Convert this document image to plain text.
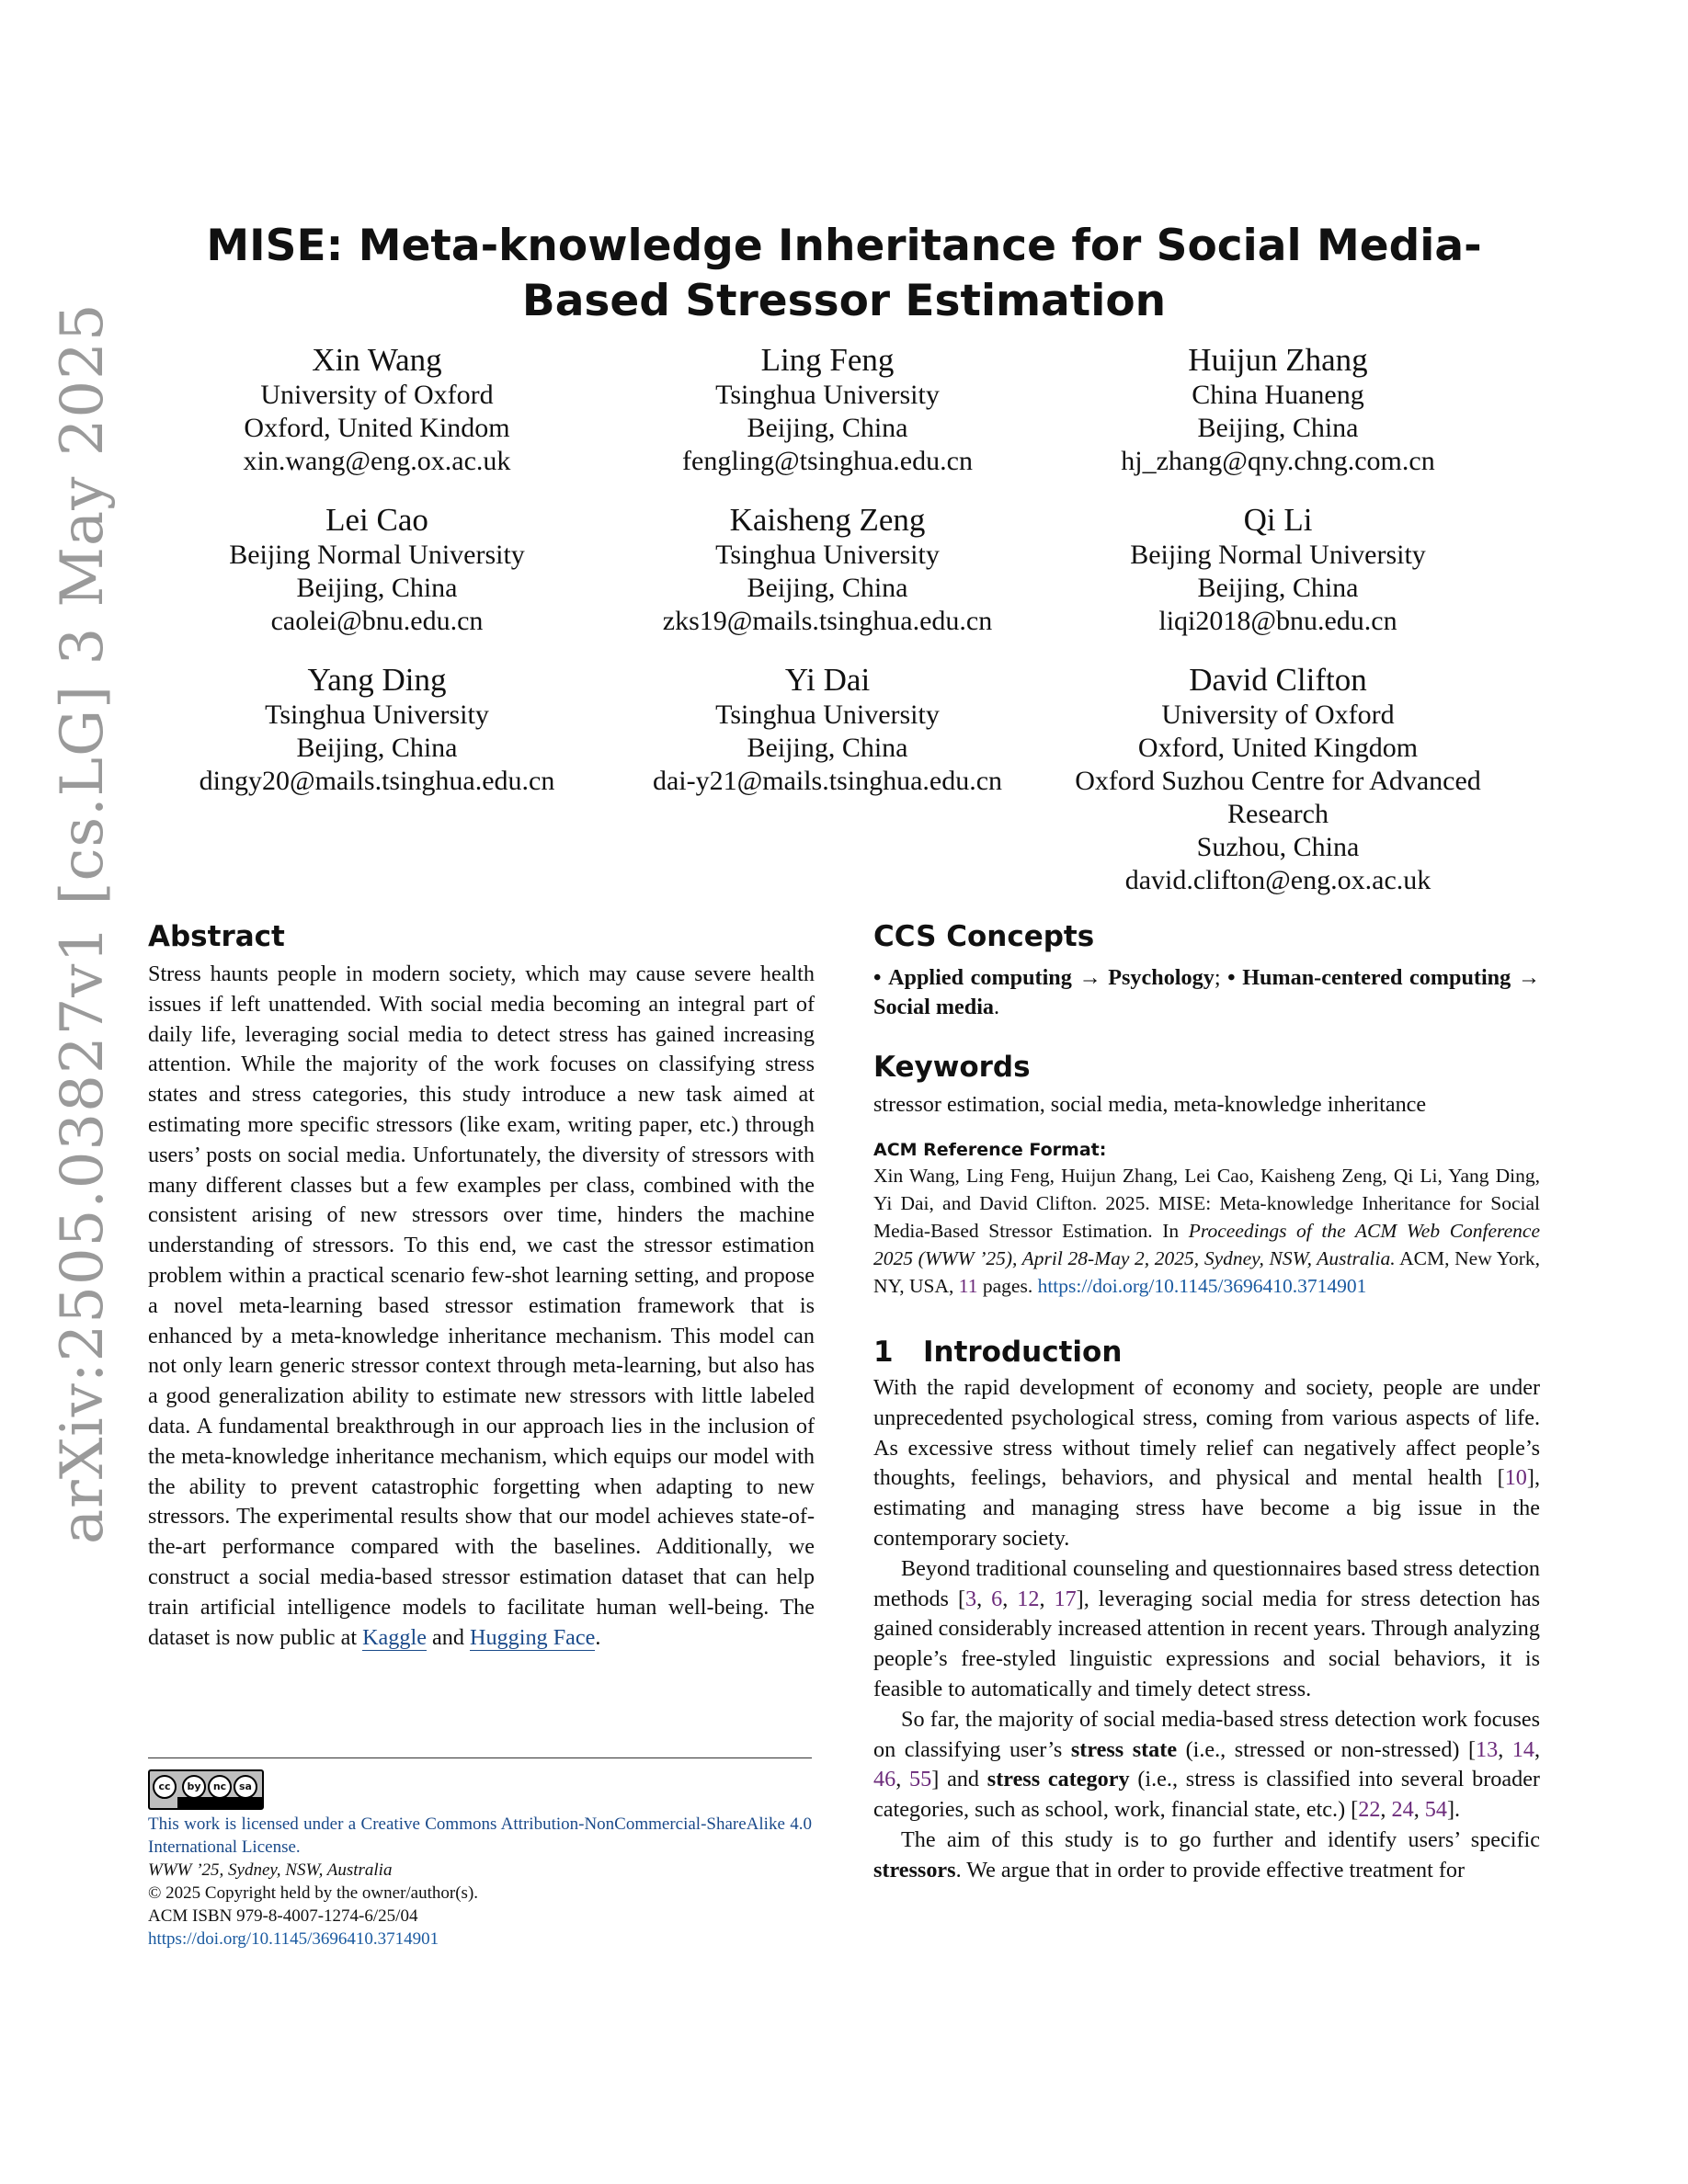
arXiv:2505.03827v1 [cs.LG] 3 May 2025
MISE: Meta-knowledge Inheritance for Social Media-Based Stressor Estimation
Xin Wang
University of Oxford
Oxford, United Kindom
xin.wang@eng.ox.ac.uk
Ling Feng
Tsinghua University
Beijing, China
fengling@tsinghua.edu.cn
Huijun Zhang
China Huaneng
Beijing, China
hj_zhang@qny.chng.com.cn
Lei Cao
Beijing Normal University
Beijing, China
caolei@bnu.edu.cn
Kaisheng Zeng
Tsinghua University
Beijing, China
zks19@mails.tsinghua.edu.cn
Qi Li
Beijing Normal University
Beijing, China
liqi2018@bnu.edu.cn
Yang Ding
Tsinghua University
Beijing, China
dingy20@mails.tsinghua.edu.cn
Yi Dai
Tsinghua University
Beijing, China
dai-y21@mails.tsinghua.edu.cn
David Clifton
University of Oxford
Oxford, United Kingdom
Oxford Suzhou Centre for Advanced Research
Suzhou, China
david.clifton@eng.ox.ac.uk
Abstract

Stress haunts people in modern society, which may cause severe health issues if left unattended. With social media becoming an integral part of daily life, leveraging social media to detect stress has gained increasing attention. While the majority of the work focuses on classifying stress states and stress categories, this study introduce a new task aimed at estimating more specific stressors (like exam, writing paper, etc.) through users’ posts on social media. Unfortunately, the diversity of stressors with many different classes but a few examples per class, combined with the consistent arising of new stressors over time, hinders the machine understanding of stressors. To this end, we cast the stressor estimation problem within a practical scenario few-shot learning setting, and propose a novel meta-learning based stressor estimation framework that is enhanced by a meta-knowledge inheritance mechanism. This model can not only learn generic stressor context through meta-learning, but also has a good generalization ability to estimate new stressors with little labeled data. A fundamental breakthrough in our approach lies in the inclusion of the meta-knowledge inheritance mechanism, which equips our model with the ability to prevent catastrophic forgetting when adapting to new stressors. The experimental results show that our model achieves state-of-the-art performance compared with the baselines. Additionally, we construct a social media-based stressor estimation dataset that can help train artificial intelligence models to facilitate human well-being. The dataset is now public at Kaggle and Hugging Face.

cc	by	nc	sa
This work is licensed under a Creative Commons Attribution-NonCommercial-ShareAlike 4.0 International License.
WWW ’25, Sydney, NSW, Australia
© 2025 Copyright held by the owner/author(s).
ACM ISBN 979-8-4007-1274-6/25/04
https://doi.org/10.1145/3696410.3714901
CCS Concepts

• Applied computing → Psychology; • Human-centered computing → Social media.

Keywords

stressor estimation, social media, meta-knowledge inheritance

ACM Reference Format:

Xin Wang, Ling Feng, Huijun Zhang, Lei Cao, Kaisheng Zeng, Qi Li, Yang Ding, Yi Dai, and David Clifton. 2025. MISE: Meta-knowledge Inheritance for Social Media-Based Stressor Estimation. In Proceedings of the ACM Web Conference 2025 (WWW ’25), April 28-May 2, 2025, Sydney, NSW, Australia. ACM, New York, NY, USA, 11 pages. https://doi.org/10.1145/3696410.3714901

1 Introduction

With the rapid development of economy and society, people are under unprecedented psychological stress, coming from various aspects of life. As excessive stress without timely relief can negatively affect people’s thoughts, feelings, behaviors, and physical and mental health [10], estimating and managing stress have become a big issue in the contemporary society.

Beyond traditional counseling and questionnaires based stress detection methods [3, 6, 12, 17], leveraging social media for stress detection has gained considerably increased attention in recent years. Through analyzing people’s free-styled linguistic expressions and social behaviors, it is feasible to automatically and timely detect stress.

So far, the majority of social media-based stress detection work focuses on classifying user’s stress state (i.e., stressed or non-stressed) [13, 14, 46, 55] and stress category (i.e., stress is classified into several broader categories, such as school, work, financial state, etc.) [22, 24, 54].

The aim of this study is to go further and identify users’ specific stressors. We argue that in order to provide effective treatment for
